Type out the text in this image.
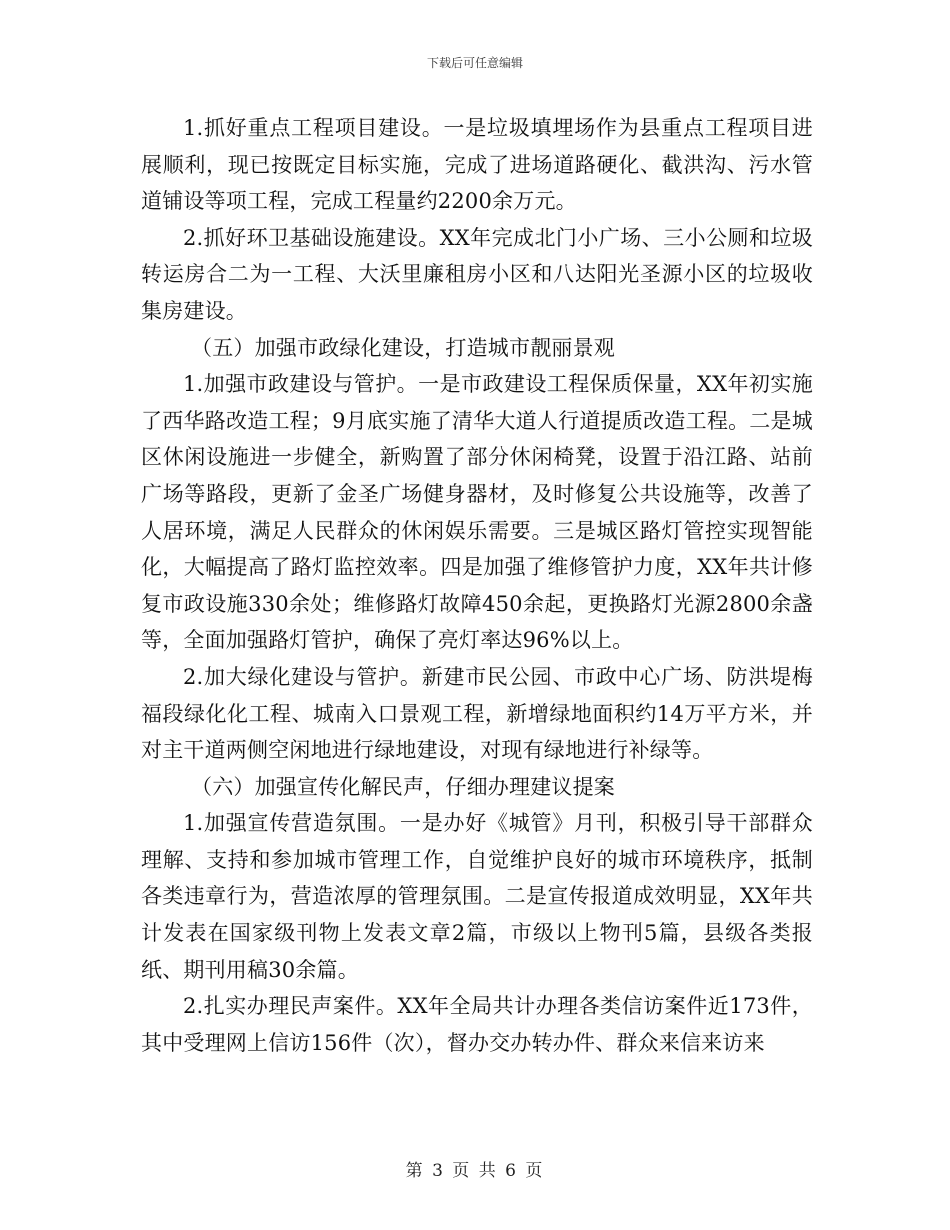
下载后可任意编辑

1.抓好重点工程项目建设。一是垃圾填埋场作为县重点工程项目进展顺利，现已按既定目标实施，完成了进场道路硬化、截洪沟、污水管道铺设等项工程，完成工程量约2200余万元。

2.抓好环卫基础设施建设。XX年完成北门小广场、三小公厕和垃圾转运房合二为一工程、大沃里廉租房小区和八达阳光圣源小区的垃圾收集房建设。

（五）加强市政绿化建设，打造城市靓丽景观

1.加强市政建设与管护。一是市政建设工程保质保量，XX年初实施了西华路改造工程；9月底实施了清华大道人行道提质改造工程。二是城区休闲设施进一步健全，新购置了部分休闲椅凳，设置于沿江路、站前广场等路段，更新了金圣广场健身器材，及时修复公共设施等，改善了人居环境，满足人民群众的休闲娱乐需要。三是城区路灯管控实现智能化，大幅提高了路灯监控效率。四是加强了维修管护力度，XX年共计修复市政设施330余处；维修路灯故障450余起，更换路灯光源2800余盏等，全面加强路灯管护，确保了亮灯率达96%以上。

2.加大绿化建设与管护。新建市民公园、市政中心广场、防洪堤梅福段绿化化工程、城南入口景观工程，新增绿地面积约14万平方米，并对主干道两侧空闲地进行绿地建设，对现有绿地进行补绿等。

（六）加强宣传化解民声，仔细办理建议提案

1.加强宣传营造氛围。一是办好《城管》月刊，积极引导干部群众理解、支持和参加城市管理工作，自觉维护良好的城市环境秩序，抵制各类违章行为，营造浓厚的管理氛围。二是宣传报道成效明显，XX年共计发表在国家级刊物上发表文章2篇，市级以上物刊5篇，县级各类报纸、期刊用稿30余篇。

2.扎实办理民声案件。XX年全局共计办理各类信访案件近173件，其中受理网上信访156件（次），督办交办转办件、群众来信来访来

第 3 页 共 6 页
